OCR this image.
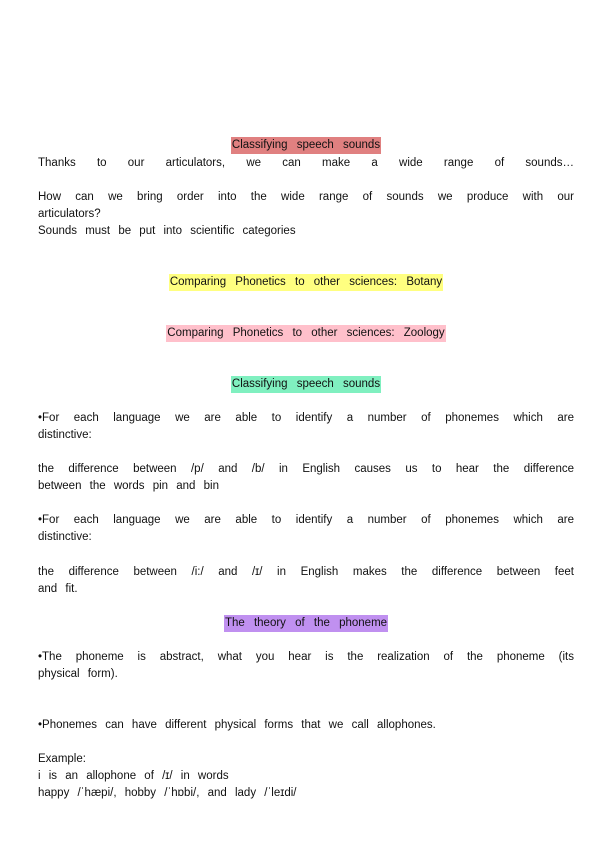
Classifying speech sounds
Thanks to our articulators, we can make a wide range of sounds…
How can we bring order into the wide range of sounds we produce with our
articulators?
Sounds must be put into scientific categories
Comparing Phonetics to other sciences: Botany
Comparing Phonetics to other sciences: Zoology
Classifying speech sounds
•For each language we are able to identify a number of phonemes which are
distinctive:
the difference between /p/ and /b/ in English causes us to hear the difference
between the words pin and bin
•For each language we are able to identify a number of phonemes which are
distinctive:
the difference between /i:/ and /ɪ/ in English makes the difference between feet
and fit.
The theory of the phoneme
•The phoneme is abstract, what you hear is the realization of the phoneme (its
physical form).
•Phonemes can have different physical forms that we call allophones.
Example:
i is an allophone of /ɪ/ in words
happy /ˈhæpi/, hobby /ˈhɒbi/, and lady /ˈleɪdi/
